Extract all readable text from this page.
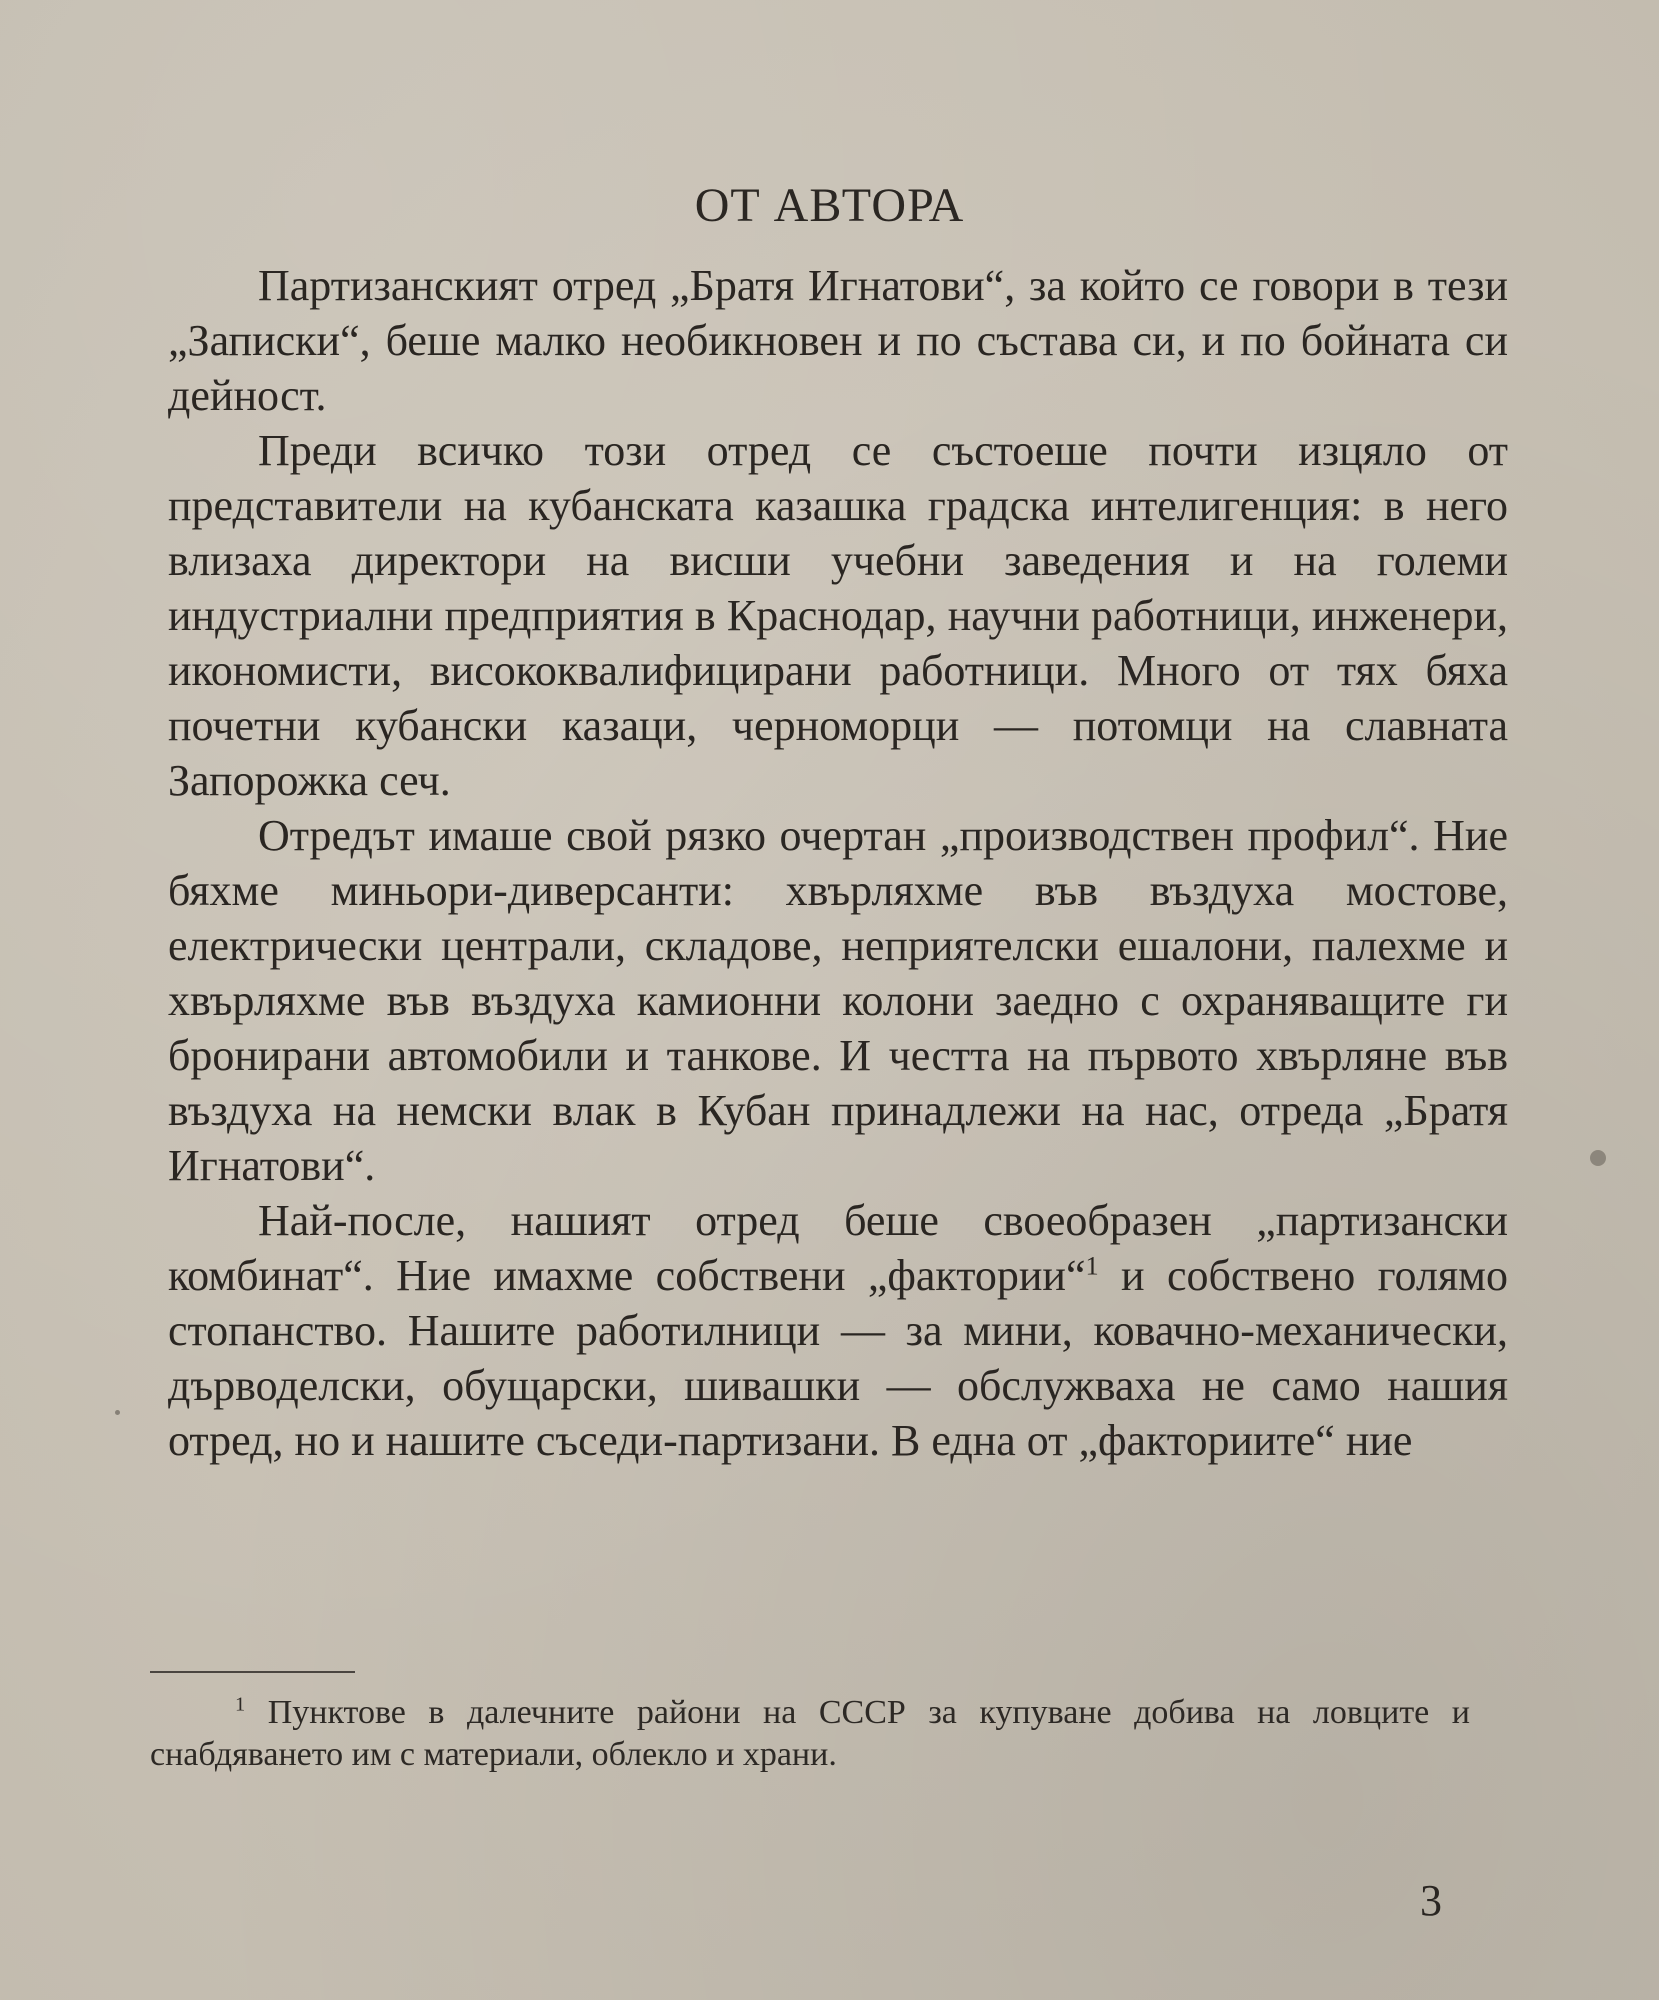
ОТ АВТОРА

Партизанският отред „Братя Игнатови“, за който се говори в тези „Записки“, беше малко необикновен и по състава си, и по бойната си дейност.

Преди всичко този отред се състоеше почти изцяло от представители на кубанската казашка градска интелигенция: в него влизаха директори на висши учебни заведения и на големи индустриални предприятия в Краснодар, научни работници, инженери, икономисти, висококвалифицирани работници. Много от тях бяха почетни кубански казаци, черноморци — потомци на славната Запорожка сеч.

Отредът имаше свой рязко очертан „производствен профил“. Ние бяхме миньори-диверсанти: хвърляхме във въздуха мостове, електрически централи, складове, неприятелски ешалони, палехме и хвърляхме във въздуха камионни колони заедно с охраняващите ги бронирани автомобили и танкове. И честта на първото хвърляне във въздуха на немски влак в Кубан принадлежи на нас, отреда „Братя Игнатови“.

Най-после, нашият отред беше своеобразен „партизански комбинат“. Ние имахме собствени „фактории“$^1$ и собствено голямо стопанство. Нашите работилници — за мини, ковачно-механически, дърводелски, обущарски, шивашки — обслужваха не само нашия отред, но и нашите съседи-партизани. В една от „факториите“ ние

$^1$ Пунктове в далечните райони на СССР за купуване добива на ловците и снабдяването им с материали, облекло и храни.
3
